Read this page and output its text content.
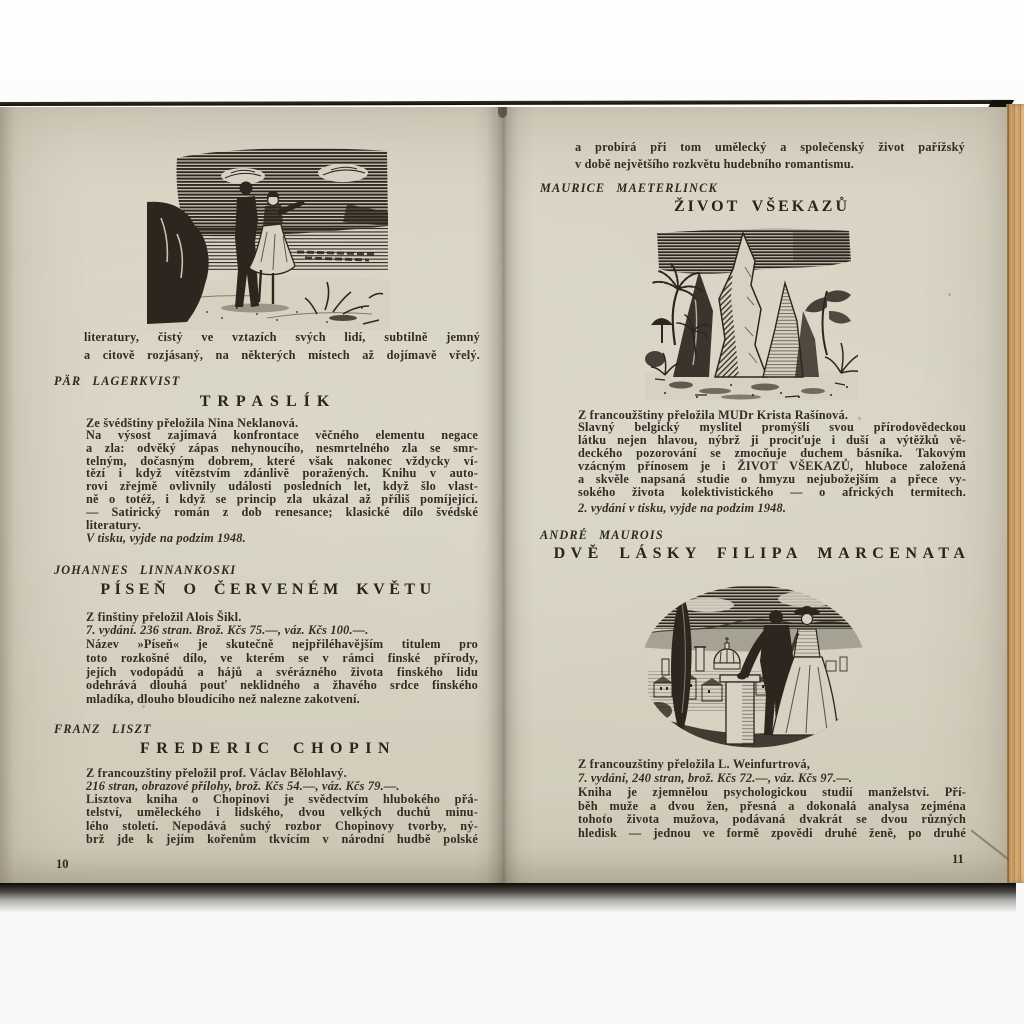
literatury, čistý ve vztazích svých lidí, subtilně jemný
a citově rozjásaný, na některých místech až dojímavě vřelý.
PÄR LAGERKVIST
TRPASLÍK
Ze švédštiny přeložila Nina Neklanová.
Na výsost zajímavá konfrontace věčného elementu negace
a zla: odvěký zápas nehynoucího, nesmrtelného zla se smr-
telným, dočasným dobrem, které však nakonec vždycky ví-
tězí i když vítězstvím zdánlivě poražených. Knihu v auto-
rovi zřejmě ovlivnily události posledních let, když šlo vlast-
ně o totéž, i když se princip zla ukázal až příliš pomíjející.
— Satirický román z dob renesance; klasické dílo švédské
literatury.
V tisku, vyjde na podzim 1948.
JOHANNES LINNANKOSKI
PÍSEŇ O ČERVENÉM KVĚTU
Z finštiny přeložil Alois Šikl.
7. vydání. 236 stran. Brož. Kčs 75.—, váz. Kčs 100.—.
Název »Píseň« je skutečně nejpřiléhavějším titulem pro
toto rozkošné dílo, ve kterém se v rámci finské přírody,
jejích vodopádů a hájů a svérázného života finského lidu
odehrává dlouhá pouť neklidného a žhavého srdce finského
mladíka, dlouho bloudícího než nalezne zakotvení.
FRANZ LISZT
FREDERIC CHOPIN
Z francouzštiny přeložil prof. Václav Bělohlavý.
216 stran, obrazové přílohy, brož. Kčs 54.—, váz. Kčs 79.—.
Lisztova kniha o Chopinovi je svědectvím hlubokého přá-
telství, uměleckého i lidského, dvou velkých duchů minu-
lého století. Nepodává suchý rozbor Chopinovy tvorby, ný-
brž jde k jejím kořenům tkvícím v národní hudbě polské
10
a probírá při tom umělecký a společenský život pařížský
v době největšího rozkvětu hudebního romantismu.
MAURICE MAETERLINCK
ŽIVOT VŠEKAZŮ
Z francoužštiny přeložila MUDr Krista Rašínová.
Slavný belgický myslitel promýšlí svou přírodovědeckou
látku nejen hlavou, nýbrž ji prociťuje i duší a výtěžků vě-
deckého pozorování se zmocňuje duchem básníka. Takovým
vzácným přínosem je i ŽIVOT VŠEKAZŮ, hluboce založená
a skvěle napsaná studie o hmyzu nejubožejším a přece vy-
sokého života kolektivistického — o afrických termitech.
2. vydání v tisku, vyjde na podzim 1948.
ANDRÉ MAUROIS
DVĚ LÁSKY FILIPA MARCENATA
Z francouzštiny přeložila L. Weinfurtrová,
7. vydání, 240 stran, brož. Kčs 72.—, váz. Kčs 97.—.
Kniha je zjemnělou psychologickou studií manželství. Pří-
běh muže a dvou žen, přesná a dokonalá analysa zejména
tohoto života mužova, podávaná dvakrát se dvou různých
hledisk — jednou ve formě zpovědi druhé ženě, po druhé
11
